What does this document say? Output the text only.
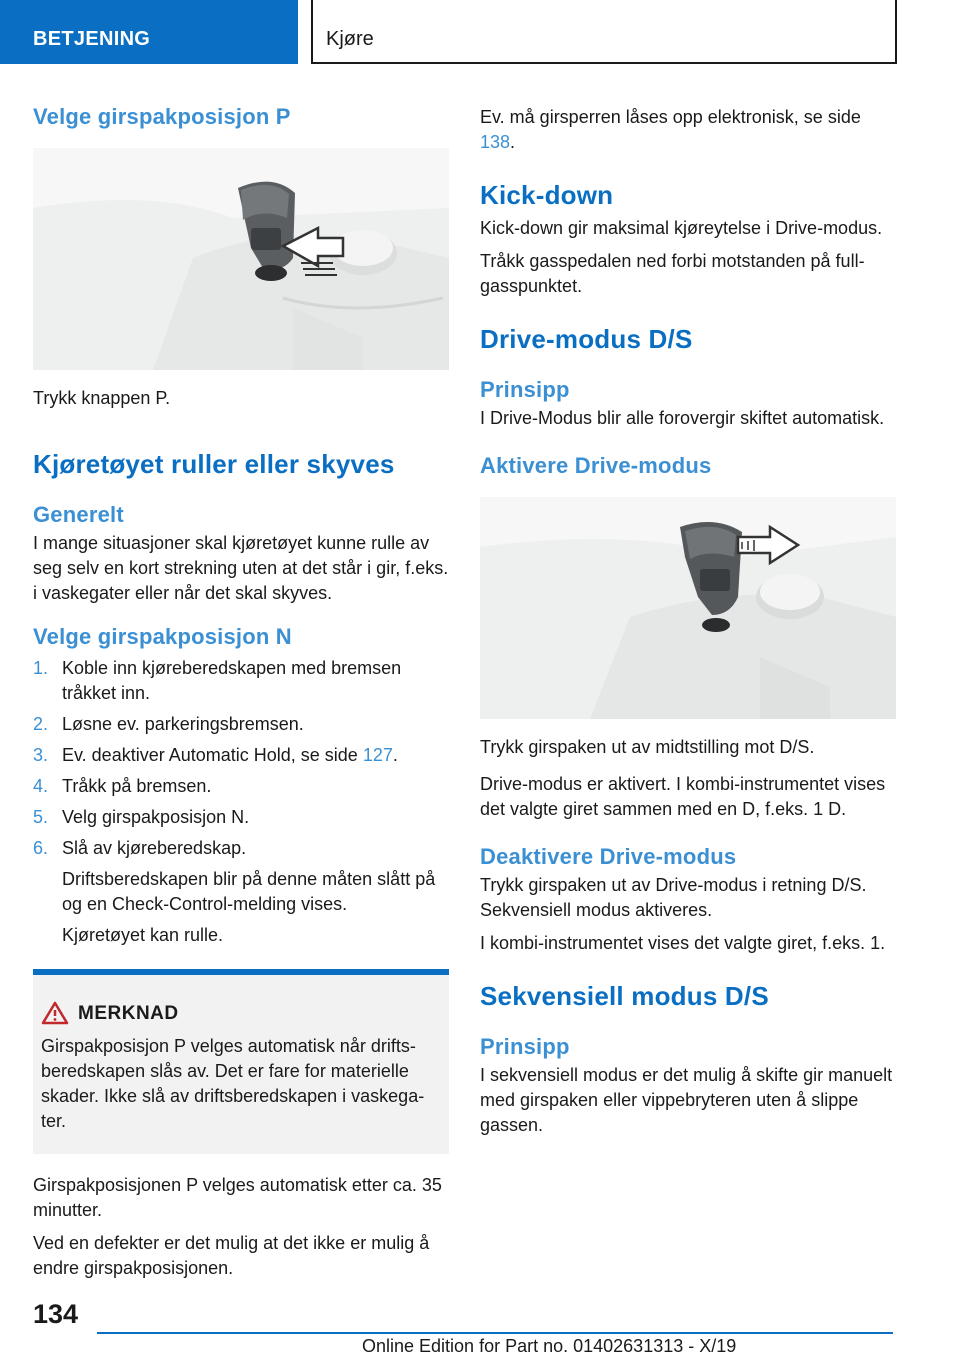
BETJENING	Kjøre
Velge girspakposisjon P

Trykk knappen P.

Kjøretøyet ruller eller skyves
Generelt

I mange situasjoner skal kjøretøyet kunne rulle av seg selv en kort strekning uten at det står i gir, f.eks. i vaskegater eller når det skal skyves.

Velge girspakposisjon N
1. Koble inn kjøreberedskapen med bremsen tråkket inn.
2. Løsne ev. parkeringsbremsen.
3. Ev. deaktiver Automatic Hold, se side 127.
4. Tråkk på bremsen.
5. Velg girspakposisjon N.
6. Slå av kjøreberedskap.
Driftsberedskapen blir på denne måten slått på og en Check-Control-melding vises.
Kjøretøyet kan rulle.
MERKNAD

Girspakposisjon P velges automatisk når driftsberedskapen slås av. Det er fare for materielle skader. Ikke slå av driftsberedskapen i vaskegater.

Girspakposisjonen P velges automatisk etter ca. 35 minutter.

Ved en defekter er det mulig at det ikke er mulig å endre girspakposisjonen.

Ev. må girsperren låses opp elektronisk, se side 138.

Kick-down

Kick-down gir maksimal kjøreytelse i Drive-modus.

Tråkk gasspedalen ned forbi motstanden på fullgasspunktet.

Drive-modus D/S
Prinsipp

I Drive-Modus blir alle forovergir skiftet automatisk.

Aktivere Drive-modus

Trykk girspaken ut av midtstilling mot D/S.

Drive-modus er aktivert. I kombi-instrumentet vises det valgte giret sammen med en D, f.eks. 1 D.

Deaktivere Drive-modus

Trykk girspaken ut av Drive-modus i retning D/S. Sekvensiell modus aktiveres.

I kombi-instrumentet vises det valgte giret, f.eks. 1.

Sekvensiell modus D/S
Prinsipp

I sekvensiell modus er det mulig å skifte gir manuelt med girspaken eller vippebryteren uten å slippe gassen.

134
Online Edition for Part no. 01402631313 - X/19
